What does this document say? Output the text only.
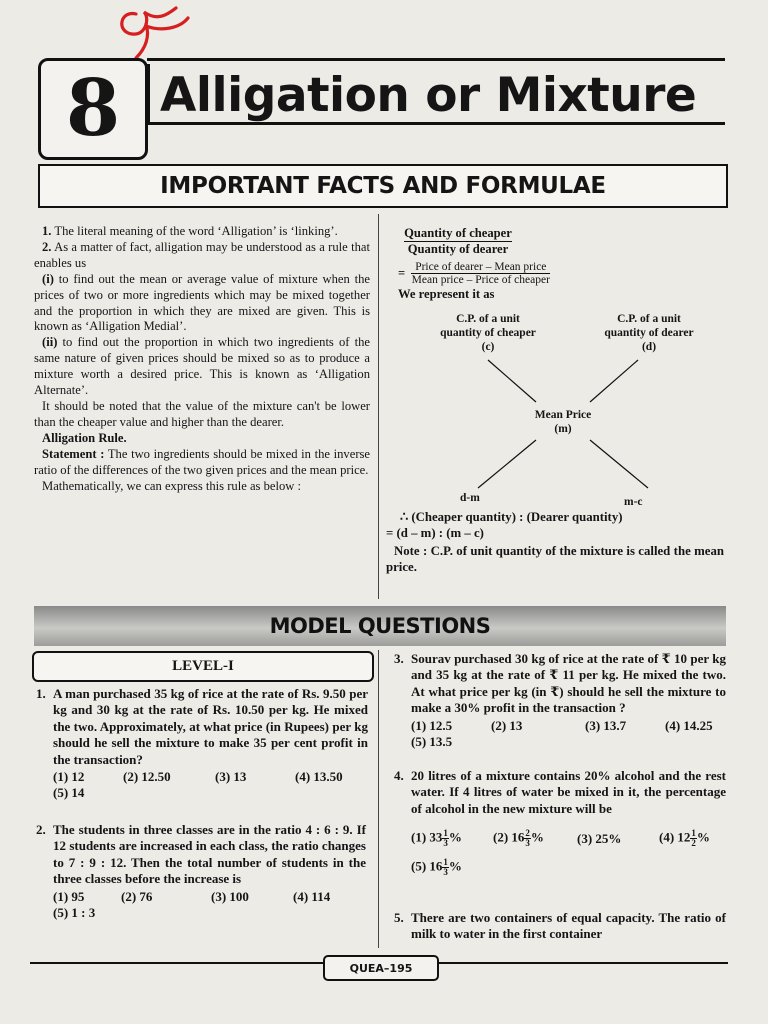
8 Alligation or Mixture
IMPORTANT FACTS AND FORMULAE

1. The literal meaning of the word ‘Alligation’ is ‘linking’.

2. As a matter of fact, alligation may be understood as a rule that enables us

(i) to find out the mean or average value of mixture when the prices of two or more ingredients which may be mixed together and the proportion in which they are mixed are given. This is known as ‘Alligation Medial’.

(ii) to find out the proportion in which two ingredients of the same nature of given prices should be mixed so as to produce a mixture worth a desired price. This is known as ‘Alligation Alternate’.

It should be noted that the value of the mixture can't be lower than the cheaper value and higher than the dearer.

Alligation Rule.

Statement : The two ingredients should be mixed in the inverse ratio of the differences of the two given prices and the mean price.

Mathematically, we can express this rule as below :

Quantity of cheaper
Quantity of dearer
= Price of dearer – Mean price
Mean price – Price of cheaper
We represent it as
C.P. of a unit
quantity of cheaper
(c)
C.P. of a unit
quantity of dearer
(d)
Mean Price
(m)
d-m	m-c

∴ (Cheaper quantity) : (Dearer quantity)

= (d – m) : (m – c)

Note : C.P. of unit quantity of the mixture is called the mean price.

MODEL QUESTIONS
LEVEL-I

1. A man purchased 35 kg of rice at the rate of Rs. 9.50 per kg and 30 kg at the rate of Rs. 10.50 per kg. He mixed the two. Approximately, at what price (in Rupees) per kg should he sell the mixture to make 35 per cent profit in the transaction?

(1) 12	(2) 12.50	(3) 13	(4) 13.50
(5) 14

2. The students in three classes are in the ratio 4 : 6 : 9. If 12 students are increased in each class, the ratio changes to 7 : 9 : 12. Then the total number of students in the three classes before the increase is

(1) 95	(2) 76	(3) 100	(4) 114
(5) 1 : 3

3. Sourav purchased 30 kg of rice at the rate of ₹ 10 per kg and 35 kg at the rate of ₹ 11 per kg. He mixed the two. At what price per kg (in ₹) should he sell the mixture to make a 30% profit in the transaction ?

(1) 12.5	(2) 13	(3) 13.7	(4) 14.25
(5) 13.5

4. 20 litres of a mixture contains 20% alcohol and the rest water. If 4 litres of water be mixed in it, the percentage of alcohol in the new mixture will be

(1) $33 \frac{1}{3}$ %	(2) $16 \frac{2}{3}$ %	(3) 25%	(4) $12 \frac{1}{2}$ %
(5) $16 \frac{1}{3}$ %

5. There are two containers of equal capacity. The ratio of milk to water in the first container

QUEA–195
